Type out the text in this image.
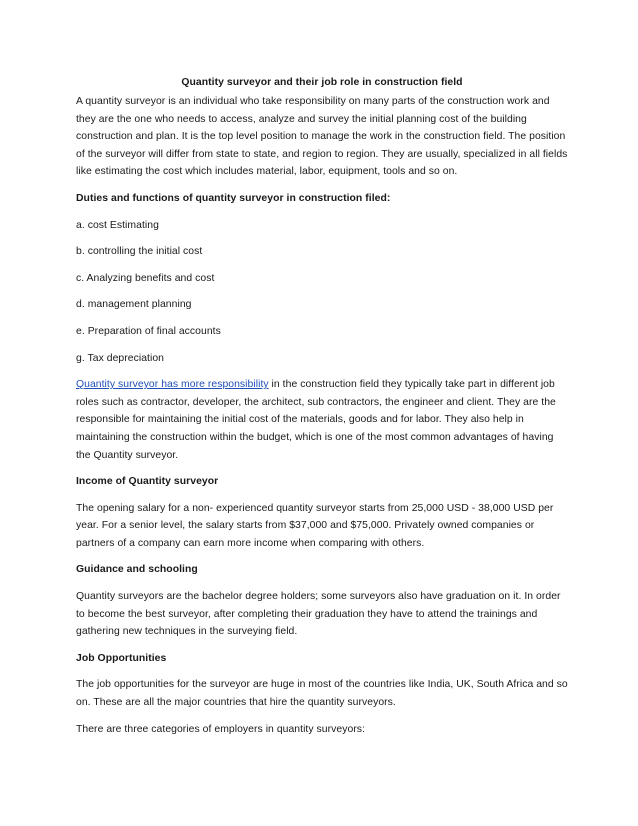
Quantity surveyor and their job role in construction field

A quantity surveyor is an individual who take responsibility on many parts of the construction work and they are the one who needs to access, analyze and survey the initial planning cost of the building construction and plan. It is the top level position to manage the work in the construction field. The position of the surveyor will differ from state to state, and region to region. They are usually, specialized in all fields like estimating the cost which includes material, labor, equipment, tools and so on.

Duties and functions of quantity surveyor in construction filed:

a. cost Estimating

b. controlling the initial cost

c. Analyzing benefits and cost

d. management planning

e. Preparation of final accounts

g. Tax depreciation

Quantity surveyor has more responsibility in the construction field they typically take part in different job roles such as contractor, developer, the architect, sub contractors, the engineer and client. They are the responsible for maintaining the initial cost of the materials, goods and for labor. They also help in maintaining the construction within the budget, which is one of the most common advantages of having the Quantity surveyor.

Income of Quantity surveyor

The opening salary for a non- experienced quantity surveyor starts from 25,000 USD - 38,000 USD per year. For a senior level, the salary starts from $37,000 and $75,000. Privately owned companies or partners of a company can earn more income when comparing with others.

Guidance and schooling

Quantity surveyors are the bachelor degree holders; some surveyors also have graduation on it. In order to become the best surveyor, after completing their graduation they have to attend the trainings and gathering new techniques in the surveying field.

Job Opportunities

The job opportunities for the surveyor are huge in most of the countries like India, UK, South Africa and so on. These are all the major countries that hire the quantity surveyors.

There are three categories of employers in quantity surveyors:
